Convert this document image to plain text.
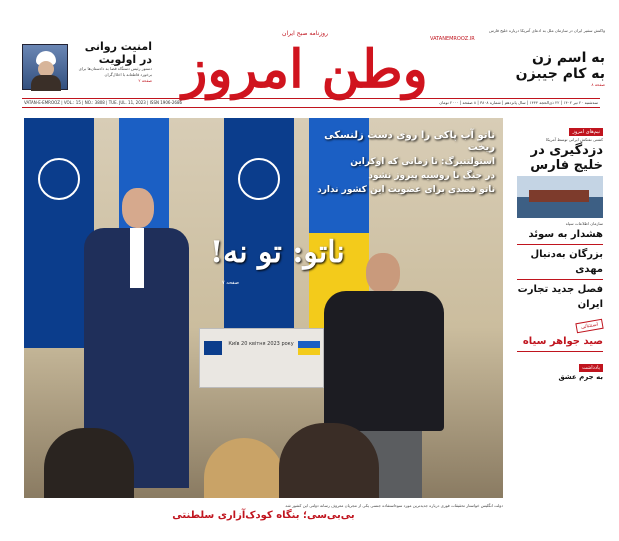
واکنش سفیر ایران در سازمان ملل به ادعای آمریکا درباره خلیج فارس
به اسم زن
به کام جیبزن
صفحه ۸
روزنامه صبح ایران
VATANEMROOZ.IR
وطن امروز
امنیت روانی
در اولویت
دستور رئیس دستگاه قضا به دادستان‌ها برای برخورد قاطعانه با اخلال‌گران
صفحه ۲
VATAN-E-EMROOZ | VOL.: 15 | NO.: 3808 | TUE. JUL. 11, 2023 | ISSN 1906-2686	سه‌شنبه ۲۰ تیر ۱۴۰۲ | ۲۲ ذی‌الحجه ۱۴۴۴ | سال پانزدهم | شماره ۳۸۰۸ | ۸ صفحه | ۲۰۰۰ تومان
Київ 20 квітня 2023 року
ناتو آب پاکی را روی دست زلنسکی ریخت
استولتنبرگ: تا زمانی که اوکراین
در جنگ با روسیه پیروز نشود
ناتو قصدی برای عضویت این کشور ندارد
ناتو: تو نه!
صفحه ۷
دولت انگلیس خواستار تحقیقات فوری درباره جدیدترین مورد سوءاستفاده جنسی یکی از مجریان معروف رسانه دولتی این کشور شد
بی‌بی‌سی؛ بنگاه کودک‌آزاری سلطنتی
نیم‌های امروز
کشتی نفتکش ایرانی توسط آمریکا
دزدگیری در خلیج فارس
سازمان اطلاعات سپاه
هشدار به سوئد
بزرگان به‌دنبال مهدی
فصل جدید تجارت ایران
استثنائی
صید جواهر سیاه
یادداشت
به جرم عشق
